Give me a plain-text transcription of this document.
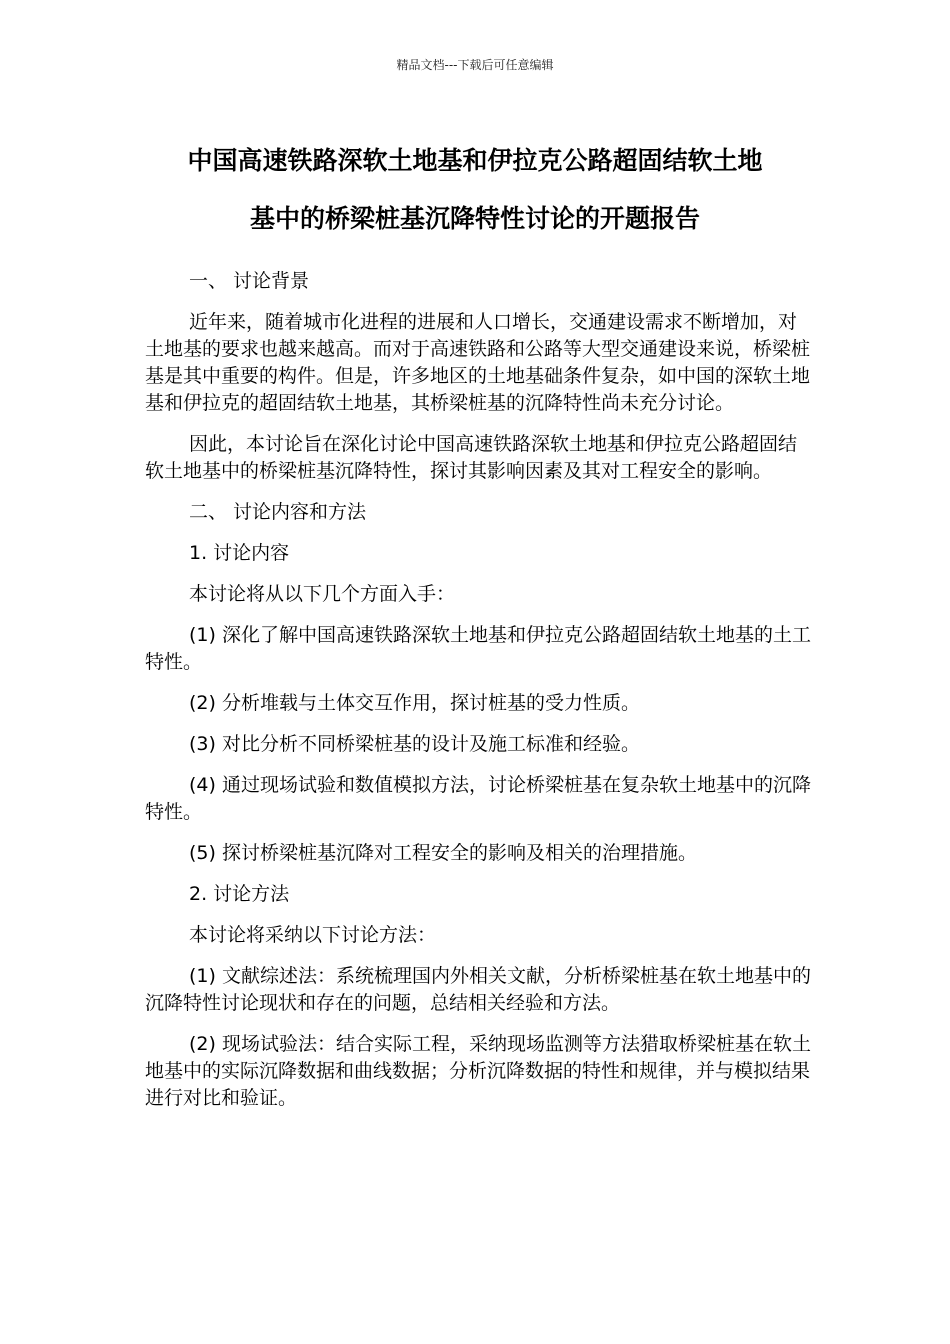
精品文档---下载后可任意编辑
中国高速铁路深软土地基和伊拉克公路超固结软土地
基中的桥梁桩基沉降特性讨论的开题报告

一、 讨论背景

近年来，随着城市化进程的进展和人口增长，交通建设需求不断增加，对土地基的要求也越来越高。而对于高速铁路和公路等大型交通建设来说，桥梁桩基是其中重要的构件。但是，许多地区的土地基础条件复杂，如中国的深软土地基和伊拉克的超固结软土地基，其桥梁桩基的沉降特性尚未充分讨论。

因此，本讨论旨在深化讨论中国高速铁路深软土地基和伊拉克公路超固结软土地基中的桥梁桩基沉降特性，探讨其影响因素及其对工程安全的影响。

二、 讨论内容和方法

1. 讨论内容

本讨论将从以下几个方面入手：

(1) 深化了解中国高速铁路深软土地基和伊拉克公路超固结软土地基的土工特性。

(2) 分析堆载与土体交互作用，探讨桩基的受力性质。

(3) 对比分析不同桥梁桩基的设计及施工标准和经验。

(4) 通过现场试验和数值模拟方法，讨论桥梁桩基在复杂软土地基中的沉降特性。

(5) 探讨桥梁桩基沉降对工程安全的影响及相关的治理措施。

2. 讨论方法

本讨论将采纳以下讨论方法：

(1) 文献综述法：系统梳理国内外相关文献，分析桥梁桩基在软土地基中的沉降特性讨论现状和存在的问题，总结相关经验和方法。

(2) 现场试验法：结合实际工程，采纳现场监测等方法猎取桥梁桩基在软土地基中的实际沉降数据和曲线数据；分析沉降数据的特性和规律，并与模拟结果进行对比和验证。
